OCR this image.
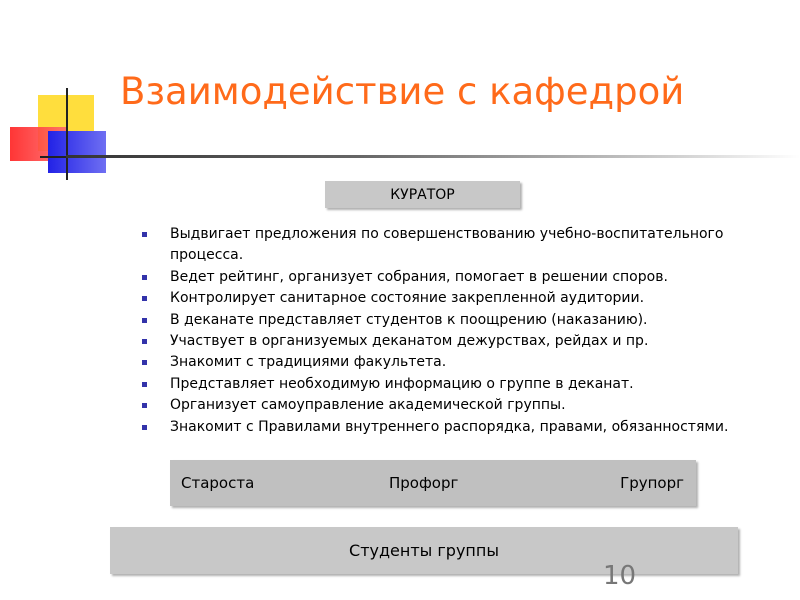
Взаимодействие с кафедрой
КУРАТОР
Выдвигает предложения по совершенствованию учебно-воспитательного процесса.
Ведет рейтинг, организует собрания, помогает в решении споров.
Контролирует санитарное состояние закрепленной аудитории.
В деканате представляет студентов к поощрению (наказанию).
Участвует в организуемых деканатом дежурствах, рейдах и пр.
Знакомит с традициями факультета.
Представляет необходимую информацию о группе в деканат.
Организует самоуправление академической группы.
Знакомит с Правилами внутреннего распорядка, правами, обязанностями.
Староста	Профорг	Групорг
Студенты группы
10
